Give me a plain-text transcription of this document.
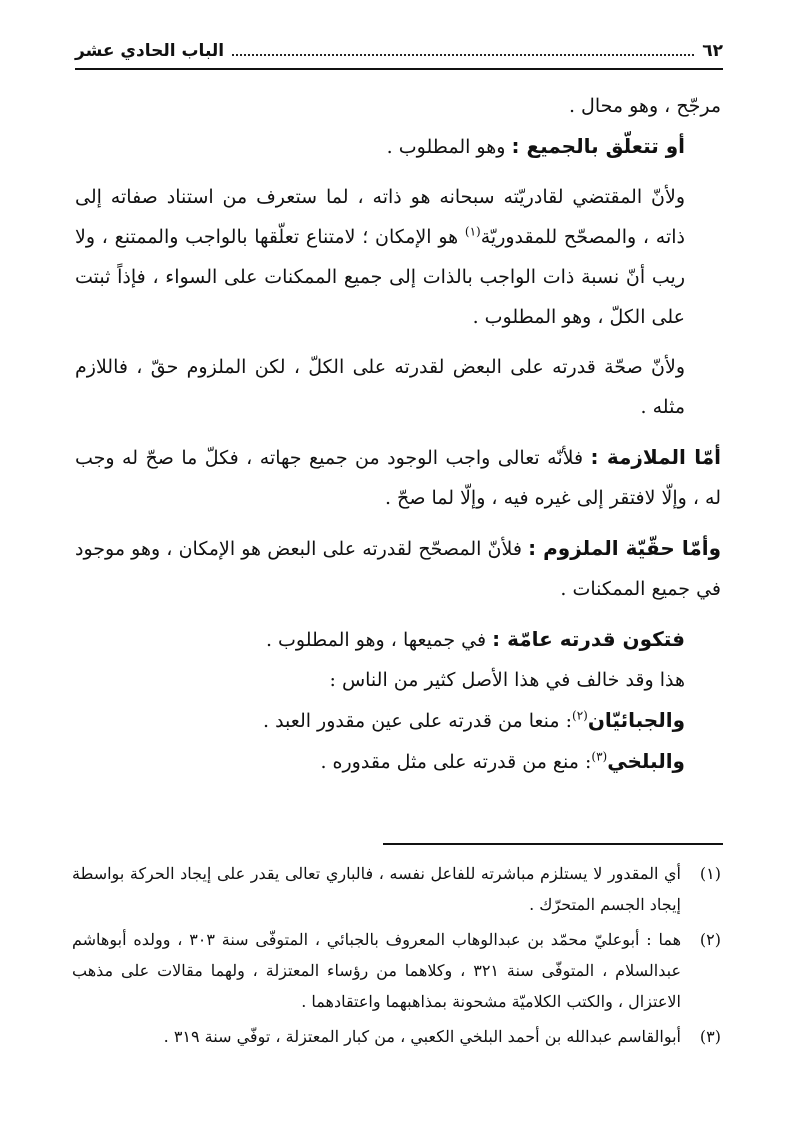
٦٢
الباب الحادي عشر

مرجّح ، وهو محال .

أو تتعلّق بالجميع : وهو المطلوب .

ولأنّ المقتضي لقادريّته سبحانه هو ذاته ، لما ستعرف من استناد صفاته إلى ذاته ، والمصحّح للمقدوريّة$^{(١)}$ هو الإمكان ؛ لامتناع تعلّقها بالواجب والممتنع ، ولا ريب أنّ نسبة ذات الواجب بالذات إلى جميع الممكنات على السواء ، فإذاً ثبتت على الكلّ ، وهو المطلوب .

ولأنّ صحّة قدرته على البعض لقدرته على الكلّ ، لكن الملزوم حقّ ، فاللازم مثله .

أمّا الملازمة : فلأنّه تعالى واجب الوجود من جميع جهاته ، فكلّ ما صحّ له وجب له ، وإلّا لافتقر إلى غيره فيه ، وإلّا لما صحّ .

وأمّا حقّيّة الملزوم : فلأنّ المصحّح لقدرته على البعض هو الإمكان ، وهو موجود في جميع الممكنات .

فتكون قدرته عامّة : في جميعها ، وهو المطلوب .

هذا وقد خالف في هذا الأصل كثير من الناس :

والجبائيّان$^{(٢)}$: منعا من قدرته على عين مقدور العبد .

والبلخي$^{(٣)}$: منع من قدرته على مثل مقدوره .

(١)
أي المقدور لا يستلزم مباشرته للفاعل نفسه ، فالباري تعالى يقدر على إيجاد الحركة بواسطة إيجاد الجسم المتحرّك .
(٢)
هما : أبوعليّ محمّد بن عبدالوهاب المعروف بالجبائي ، المتوفّى سنة ٣٠٣ ، وولده أبوهاشم عبدالسلام ، المتوفّى سنة ٣٢١ ، وكلاهما من رؤساء المعتزلة ، ولهما مقالات على مذهب الاعتزال ، والكتب الكلاميّة مشحونة بمذاهبهما واعتقادهما .
(٣)
أبوالقاسم عبدالله بن أحمد البلخي الكعبي ، من كبار المعتزلة ، توفّي سنة ٣١٩ .
